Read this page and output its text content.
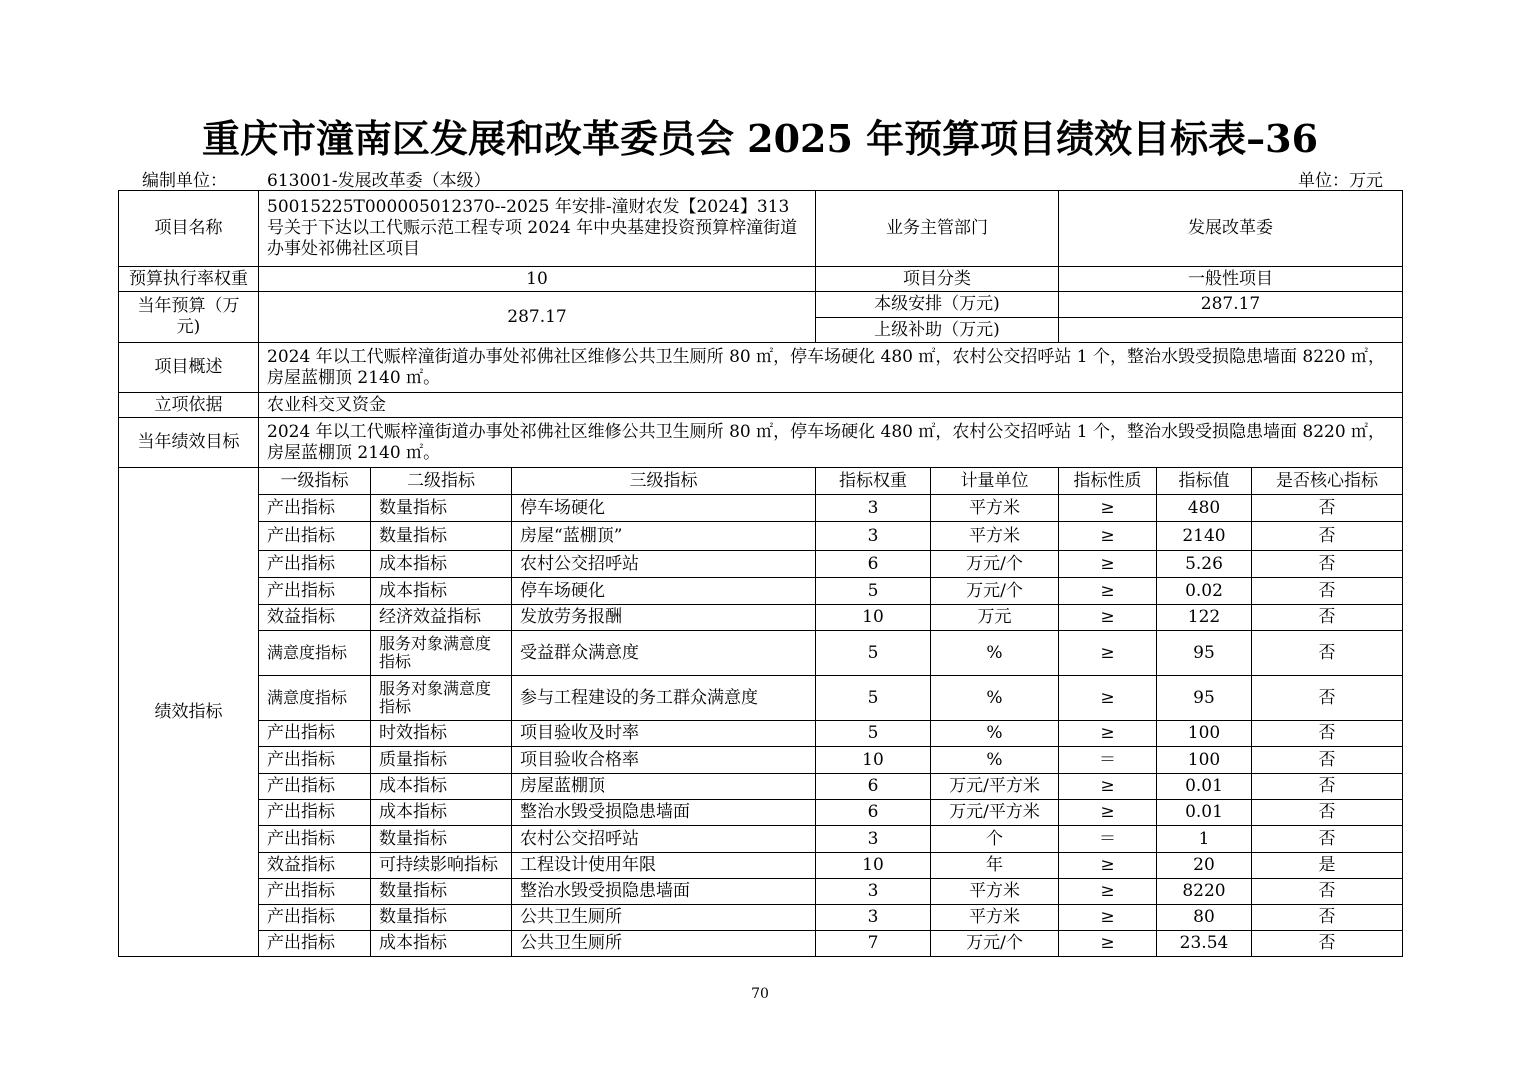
重庆市潼南区发展和改革委员会 2025 年预算项目绩效目标表–36
编制单位： 613001-发展改革委（本级）	单位：万元
项目名称	50015225T000005012370--2025 年安排-潼财农发【2024】313 号关于下达以工代赈示范工程专项 2024 年中央基建投资预算梓潼街道办事处祁佛社区项目			业务主管部门		发展改革委		
预算执行率权重	10			项目分类		一般性项目		
当年预算（万元)	287.17			本级安排（万元)		287.17		
				上级补助（万元)				
项目概述	2024 年以工代赈梓潼街道办事处祁佛社区维修公共卫生厕所 80 ㎡，停车场硬化 480 ㎡，农村公交招呼站 1 个，整治水毁受损隐患墙面 8220 ㎡，房屋蓝棚顶 2140 ㎡。							
立项依据	农业科交叉资金							
当年绩效目标	2024 年以工代赈梓潼街道办事处祁佛社区维修公共卫生厕所 80 ㎡，停车场硬化 480 ㎡，农村公交招呼站 1 个，整治水毁受损隐患墙面 8220 ㎡，房屋蓝棚顶 2140 ㎡。							
绩效指标	一级指标	二级指标	三级指标	指标权重	计量单位	指标性质	指标值	是否核心指标
	产出指标	数量指标	停车场硬化	3	平方米	≥	480	否
	产出指标	数量指标	房屋“蓝棚顶”	3	平方米	≥	2140	否
	产出指标	成本指标	农村公交招呼站	6	万元/个	≥	5.26	否
	产出指标	成本指标	停车场硬化	5	万元/个	≥	0.02	否
	效益指标	经济效益指标	发放劳务报酬	10	万元	≥	122	否
	满意度指标	服务对象满意度指标	受益群众满意度	5	%	≥	95	否
	满意度指标	服务对象满意度指标	参与工程建设的务工群众满意度	5	%	≥	95	否
	产出指标	时效指标	项目验收及时率	5	%	≥	100	否
	产出指标	质量指标	项目验收合格率	10	%	＝	100	否
	产出指标	成本指标	房屋蓝棚顶	6	万元/平方米	≥	0.01	否
	产出指标	成本指标	整治水毁受损隐患墙面	6	万元/平方米	≥	0.01	否
	产出指标	数量指标	农村公交招呼站	3	个	＝	1	否
	效益指标	可持续影响指标	工程设计使用年限	10	年	≥	20	是
	产出指标	数量指标	整治水毁受损隐患墙面	3	平方米	≥	8220	否
	产出指标	数量指标	公共卫生厕所	3	平方米	≥	80	否
	产出指标	成本指标	公共卫生厕所	7	万元/个	≥	23.54	否
70
